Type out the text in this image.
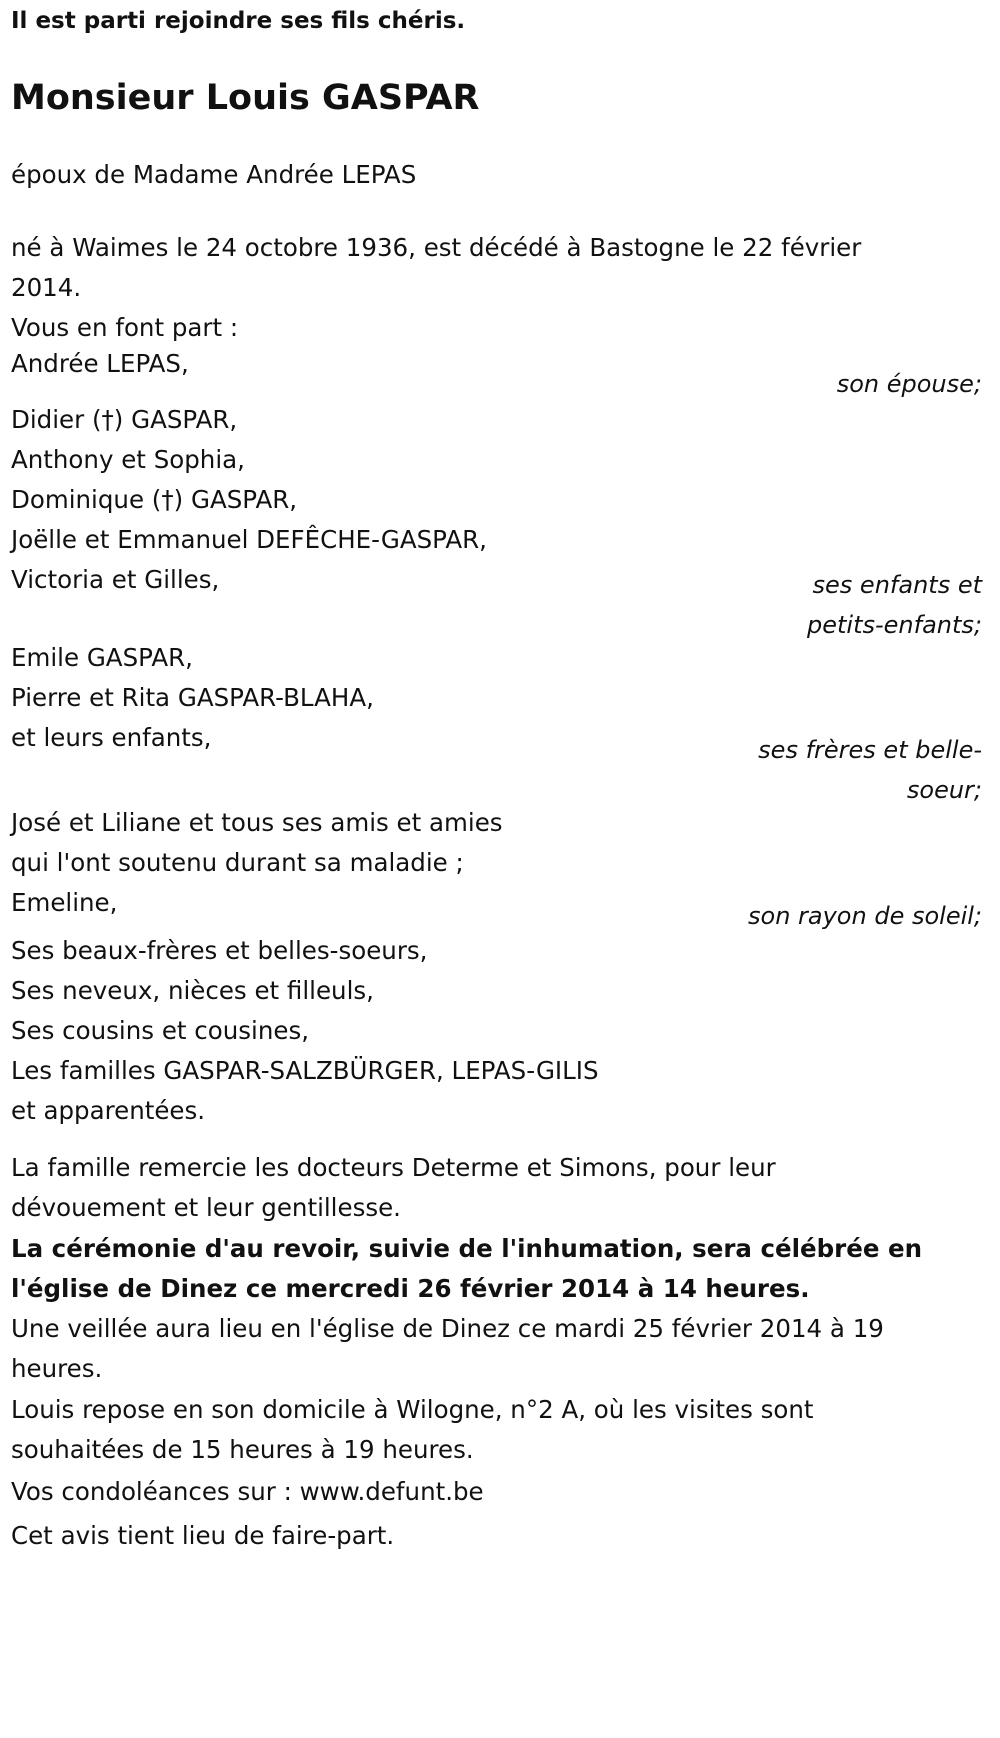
Il est parti rejoindre ses fils chéris.

Monsieur Louis GASPAR

époux de Madame Andrée LEPAS

né à Waimes le 24 octobre 1936, est décédé à Bastogne le 22 février
2014.

Vous en font part :

Andrée LEPAS,
son épouse;
Didier (†) GASPAR,
Anthony et Sophia,
Dominique (†) GASPAR,
Joëlle et Emmanuel DEFÊCHE-GASPAR,
Victoria et Gilles,	ses enfants et
petits-enfants;
Emile GASPAR,
Pierre et Rita GASPAR-BLAHA,
et leurs enfants,	ses frères et belle-
soeur;
José et Liliane et tous ses amis et amies
qui l'ont soutenu durant sa maladie ;
Emeline,	son rayon de soleil;
Ses beaux-frères et belles-soeurs,
Ses neveux, nièces et filleuls,
Ses cousins et cousines,
Les familles GASPAR-SALZBÜRGER, LEPAS-GILIS
et apparentées.
La famille remercie les docteurs Determe et Simons, pour leur
dévouement et leur gentillesse.
La cérémonie d'au revoir, suivie de l'inhumation, sera célébrée en
l'église de Dinez ce mercredi 26 février 2014 à 14 heures.
Une veillée aura lieu en l'église de Dinez ce mardi 25 février 2014 à 19
heures.
Louis repose en son domicile à Wilogne, n°2 A, où les visites sont
souhaitées de 15 heures à 19 heures.

Vos condoléances sur : www.defunt.be

Cet avis tient lieu de faire-part.
